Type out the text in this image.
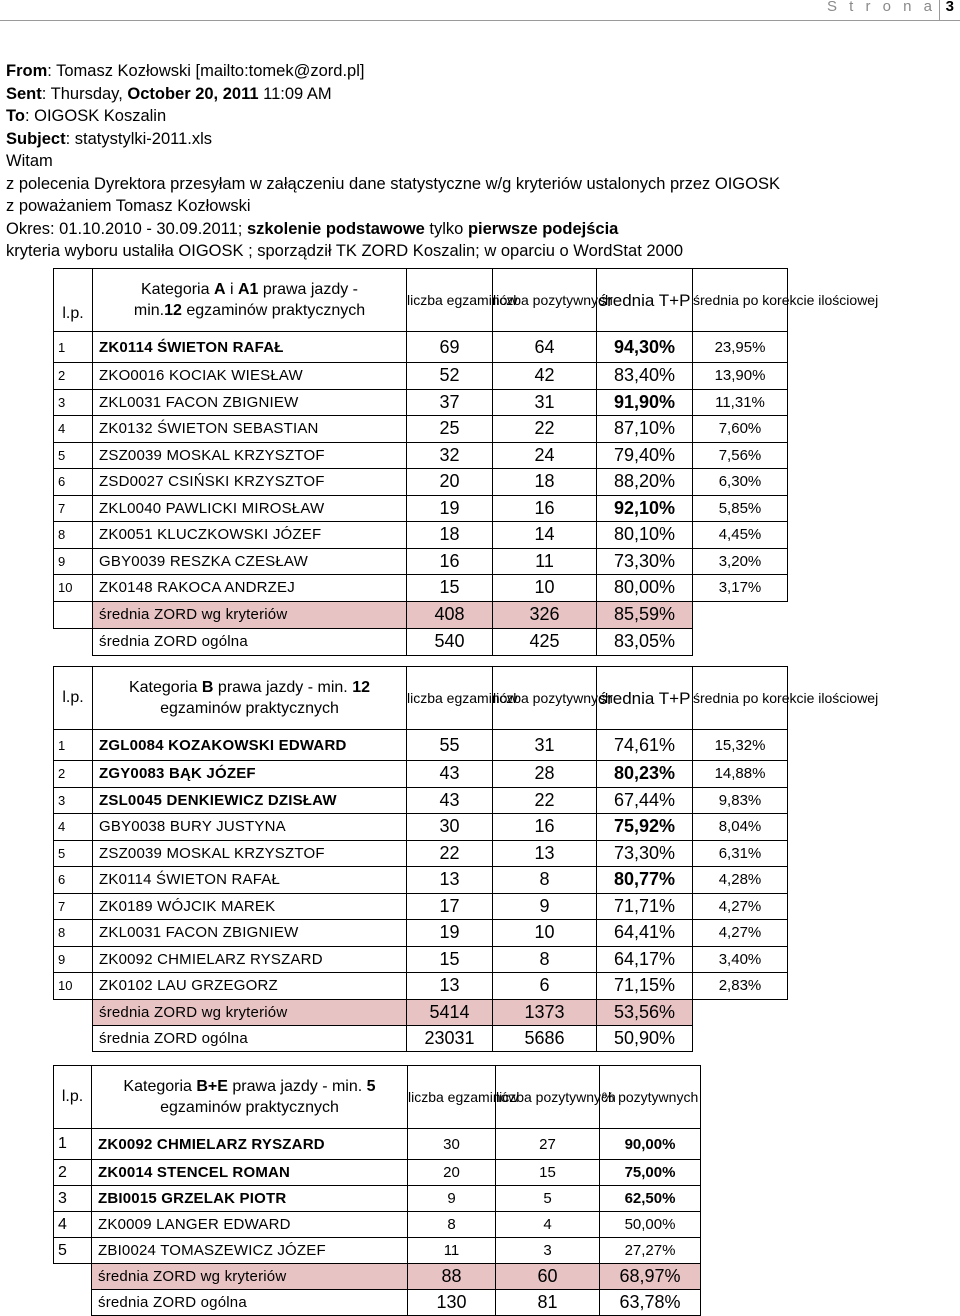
S t r o n a 3
From: Tomasz Kozłowski [mailto:tomek@zord.pl]
Sent: Thursday, October 20, 2011 11:09 AM
To: OIGOSK Koszalin
Subject: statystylki-2011.xls
Witam
z polecenia Dyrektora przesyłam w załączeniu dane statystyczne w/g kryteriów ustalonych przez OIGOSK
z poważaniem Tomasz Kozłowski
Okres: 01.10.2010 - 30.09.2011; szkolenie podstawowe tylko pierwsze podejścia
kryteria wyboru ustaliła OIGOSK ; sporządził TK ZORD Koszalin; w oparciu o WordStat 2000
l.p.	Kategoria A i A1 prawa jazdy -
min.12 egzaminów praktycznych	liczba egzaminów	liczba pozytywnych	średnia T+P	średnia po korekcie ilościowej
1	ZK0114 ŚWIETON RAFAŁ	69	64	94,30%	23,95%
2	ZKO0016 KOCIAK WIESŁAW	52	42	83,40%	13,90%
3	ZKL0031 FACON ZBIGNIEW	37	31	91,90%	11,31%
4	ZK0132 ŚWIETON SEBASTIAN	25	22	87,10%	7,60%
5	ZSZ0039 MOSKAL KRZYSZTOF	32	24	79,40%	7,56%
6	ZSD0027 CSIŃSKI KRZYSZTOF	20	18	88,20%	6,30%
7	ZKL0040 PAWLICKI MIROSŁAW	19	16	92,10%	5,85%
8	ZK0051 KLUCZKOWSKI JÓZEF	18	14	80,10%	4,45%
9	GBY0039 RESZKA CZESŁAW	16	11	73,30%	3,20%
10	ZK0148 RAKOCA ANDRZEJ	15	10	80,00%	3,17%
	średnia ZORD wg kryteriów	408	326	85,59%	
	średnia ZORD ogólna	540	425	83,05%	
l.p.	Kategoria B prawa jazdy - min. 12
egzaminów praktycznych	liczba egzaminów	liczba pozytywnych	średnia T+P	średnia po korekcie ilościowej
1	ZGL0084 KOZAKOWSKI EDWARD	55	31	74,61%	15,32%
2	ZGY0083 BĄK JÓZEF	43	28	80,23%	14,88%
3	ZSL0045 DENKIEWICZ DZISŁAW	43	22	67,44%	9,83%
4	GBY0038 BURY JUSTYNA	30	16	75,92%	8,04%
5	ZSZ0039 MOSKAL KRZYSZTOF	22	13	73,30%	6,31%
6	ZK0114 ŚWIETON RAFAŁ	13	8	80,77%	4,28%
7	ZK0189 WÓJCIK MAREK	17	9	71,71%	4,27%
8	ZKL0031 FACON ZBIGNIEW	19	10	64,41%	4,27%
9	ZK0092 CHMIELARZ RYSZARD	15	8	64,17%	3,40%
10	ZK0102 LAU GRZEGORZ	13	6	71,15%	2,83%
	średnia ZORD wg kryteriów	5414	1373	53,56%	
	średnia ZORD ogólna	23031	5686	50,90%	
l.p.	Kategoria B+E prawa jazdy - min. 5
egzaminów praktycznych	liczba egzaminów	liczba pozytywnych	% pozytywnych
1	ZK0092 CHMIELARZ RYSZARD	30	27	90,00%
2	ZK0014 STENCEL ROMAN	20	15	75,00%
3	ZBI0015 GRZELAK PIOTR	9	5	62,50%
4	ZK0009 LANGER EDWARD	8	4	50,00%
5	ZBI0024 TOMASZEWICZ JÓZEF	11	3	27,27%
	średnia ZORD wg kryteriów	88	60	68,97%
	średnia ZORD ogólna	130	81	63,78%
